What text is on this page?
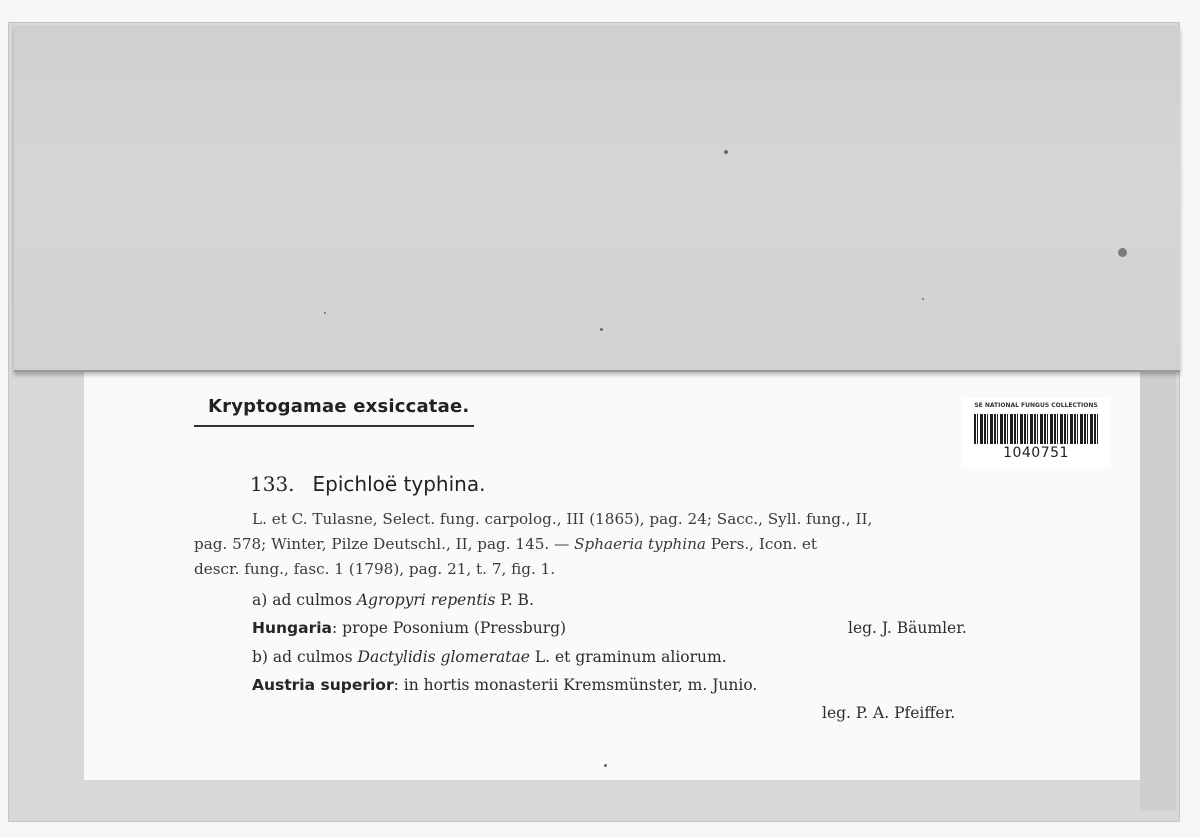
Kryptogamae exsiccatae.	SE NATIONAL FUNGUS COLLECTIONS
1040751
133. Epichloë typhina.
L. et C. Tulasne, Select. fung. carpolog., III (1865), pag. 24; Sacc., Syll. fung., II,
pag. 578; Winter, Pilze Deutschl., II, pag. 145. — Sphaeria typhina Pers., Icon. et
descr. fung., fasc. 1 (1798), pag. 21, t. 7, fig. 1.
a) ad culmos Agropyri repentis P. B.
Hungaria: prope Posonium (Pressburg)	leg. J. Bäumler.
b) ad culmos Dactylidis glomeratae L. et graminum aliorum.
Austria superior: in hortis monasterii Kremsmünster, m. Junio.
leg. P. A. Pfeiffer.
